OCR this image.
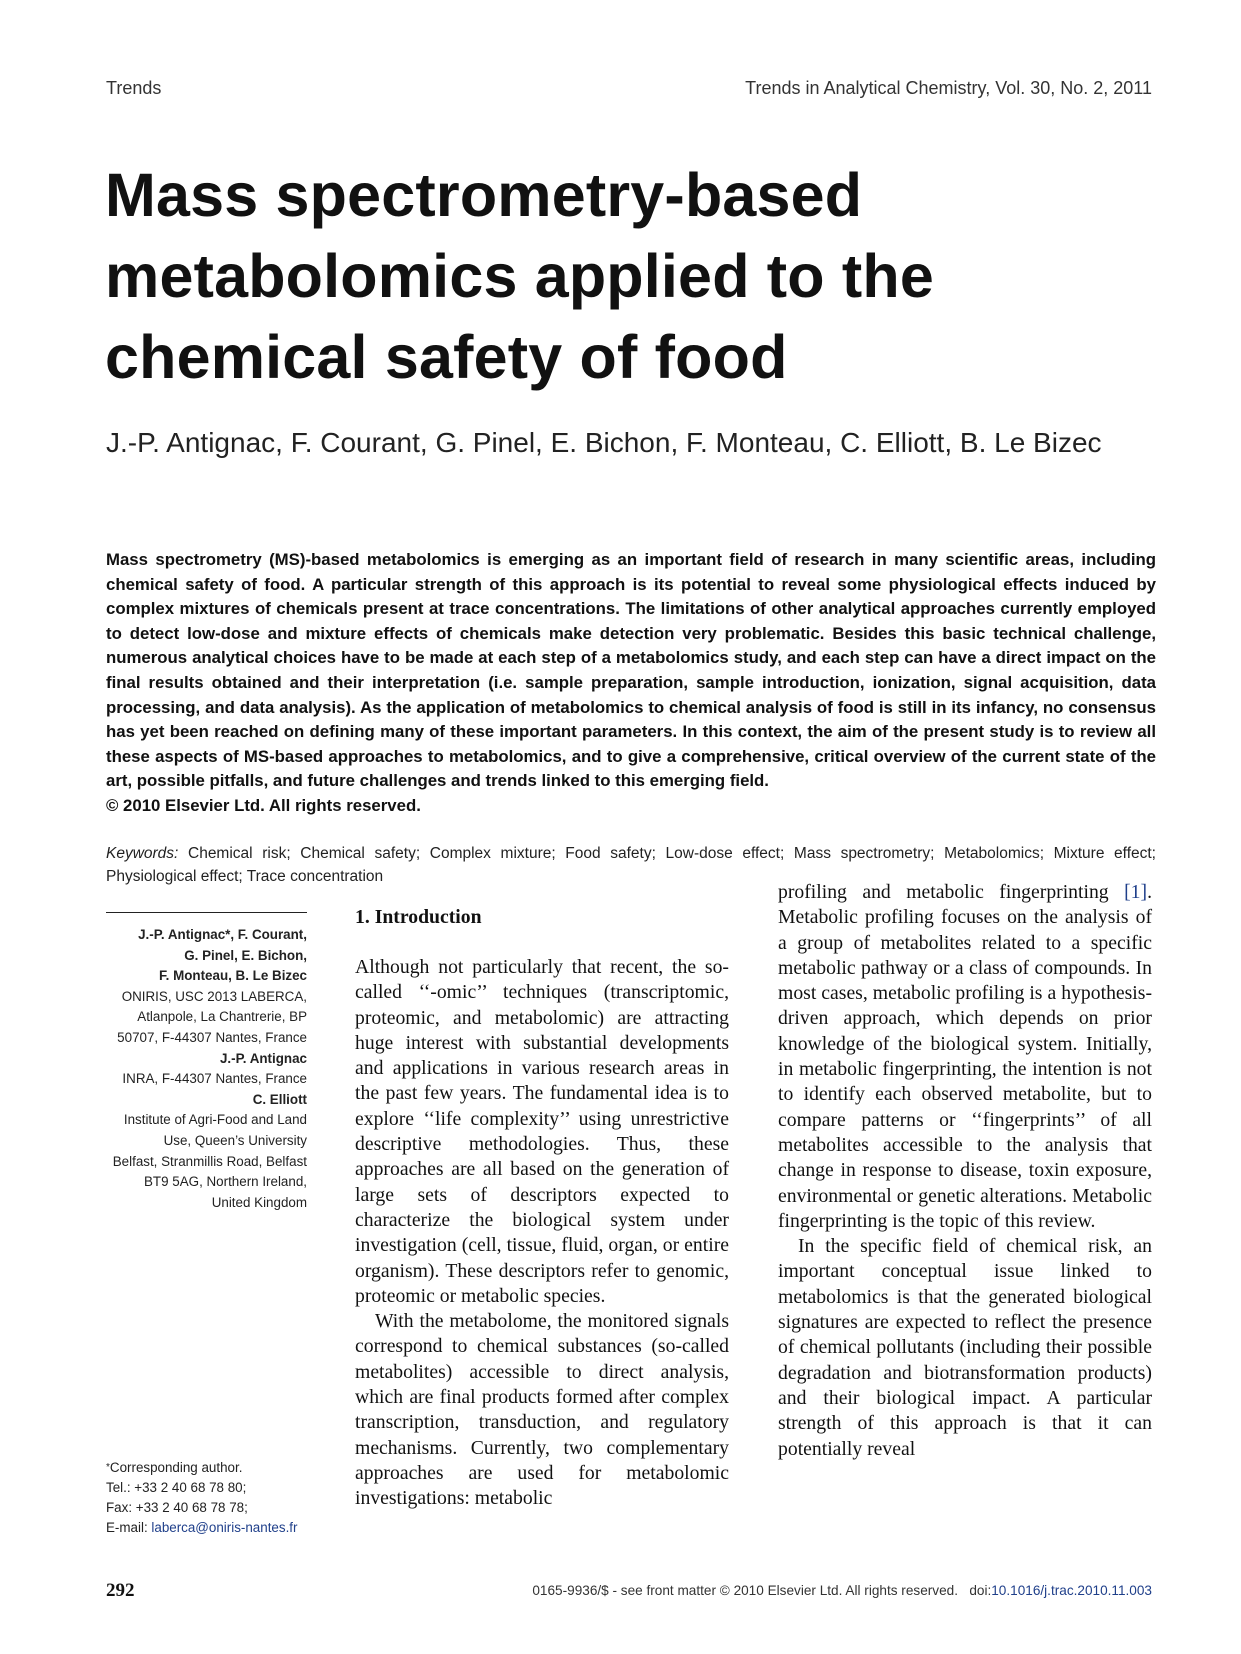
Trends	Trends in Analytical Chemistry, Vol. 30, No. 2, 2011
Mass spectrometry-based metabolomics applied to the chemical safety of food
J.-P. Antignac, F. Courant, G. Pinel, E. Bichon, F. Monteau, C. Elliott, B. Le Bizec

Mass spectrometry (MS)-based metabolomics is emerging as an important field of research in many scientific areas, including chemical safety of food. A particular strength of this approach is its potential to reveal some physiological effects induced by complex mixtures of chemicals present at trace concentrations. The limitations of other analytical approaches currently employed to detect low-dose and mixture effects of chemicals make detection very problematic. Besides this basic technical challenge, numerous analytical choices have to be made at each step of a metabolomics study, and each step can have a direct impact on the final results obtained and their interpretation (i.e. sample preparation, sample introduction, ionization, signal acquisition, data processing, and data analysis). As the application of metabolomics to chemical analysis of food is still in its infancy, no consensus has yet been reached on defining many of these important parameters. In this context, the aim of the present study is to review all these aspects of MS-based approaches to metabolomics, and to give a comprehensive, critical overview of the current state of the art, possible pitfalls, and future challenges and trends linked to this emerging field.
© 2010 Elsevier Ltd. All rights reserved.

Keywords: Chemical risk; Chemical safety; Complex mixture; Food safety; Low-dose effect; Mass spectrometry; Metabolomics; Mixture effect; Physiological effect; Trace concentration
J.-P. Antignac*, F. Courant,
G. Pinel, E. Bichon,
F. Monteau, B. Le Bizec
ONIRIS, USC 2013 LABERCA,
Atlanpole, La Chantrerie, BP
50707, F-44307 Nantes, France
J.-P. Antignac
INRA, F-44307 Nantes, France
C. Elliott
Institute of Agri-Food and Land
Use, Queen’s University
Belfast, Stranmillis Road, Belfast
BT9 5AG, Northern Ireland,
United Kingdom
*Corresponding author.
Tel.: +33 2 40 68 78 80;
Fax: +33 2 40 68 78 78;
E-mail: laberca@oniris-nantes.fr
1. Introduction

Although not particularly that recent, the so-called ‘‘-omic’’ techniques (transcriptomic, proteomic, and metabolomic) are attracting huge interest with substantial developments and applications in various research areas in the past few years. The fundamental idea is to explore ‘‘life complexity’’ using unrestrictive descriptive methodologies. Thus, these approaches are all based on the generation of large sets of descriptors expected to characterize the biological system under investigation (cell, tissue, fluid, organ, or entire organism). These descriptors refer to genomic, proteomic or metabolic species.

With the metabolome, the monitored signals correspond to chemical substances (so-called metabolites) accessible to direct analysis, which are final products formed after complex transcription, transduction, and regulatory mechanisms. Currently, two complementary approaches are used for metabolomic investigations: metabolic

profiling and metabolic fingerprinting [1]. Metabolic profiling focuses on the analysis of a group of metabolites related to a specific metabolic pathway or a class of compounds. In most cases, metabolic profiling is a hypothesis-driven approach, which depends on prior knowledge of the biological system. Initially, in metabolic fingerprinting, the intention is not to identify each observed metabolite, but to compare patterns or ‘‘fingerprints’’ of all metabolites accessible to the analysis that change in response to disease, toxin exposure, environmental or genetic alterations. Metabolic fingerprinting is the topic of this review.

In the specific field of chemical risk, an important conceptual issue linked to metabolomics is that the generated biological signatures are expected to reflect the presence of chemical pollutants (including their possible degradation and biotransformation products) and their biological impact. A particular strength of this approach is that it can potentially reveal

292	0165-9936/$ - see front matter © 2010 Elsevier Ltd. All rights reserved. doi:10.1016/j.trac.2010.11.003
